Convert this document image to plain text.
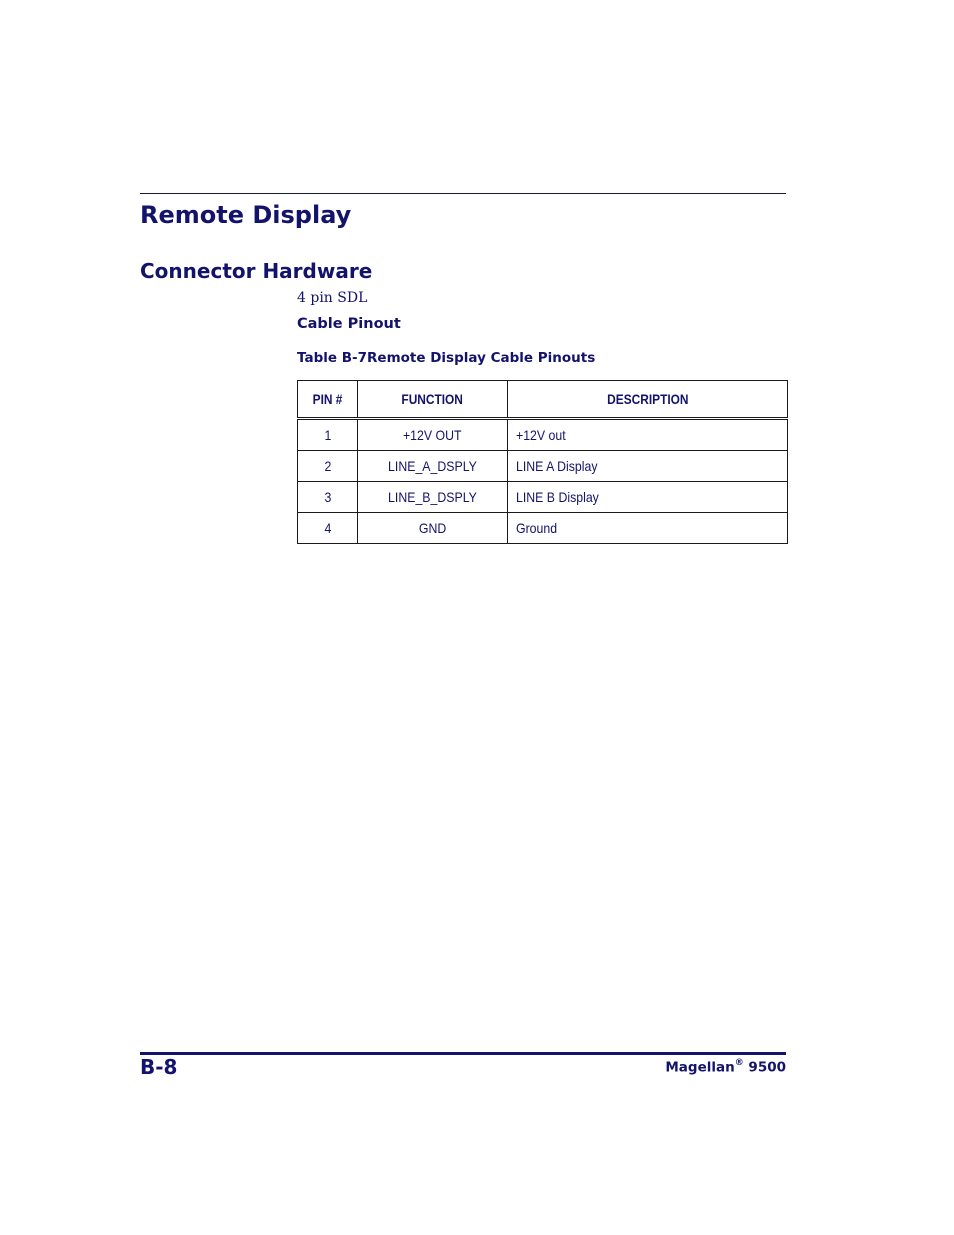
Remote Display
Connector Hardware

4 pin SDL

Cable Pinout

Table B-7Remote Display Cable Pinouts

PIN #	FUNCTION	DESCRIPTION
1	+12V OUT	+12V out
2	LINE_A_DSPLY	LINE A Display
3	LINE_B_DSPLY	LINE B Display
4	GND	Ground

B-8	Magellan® 9500
